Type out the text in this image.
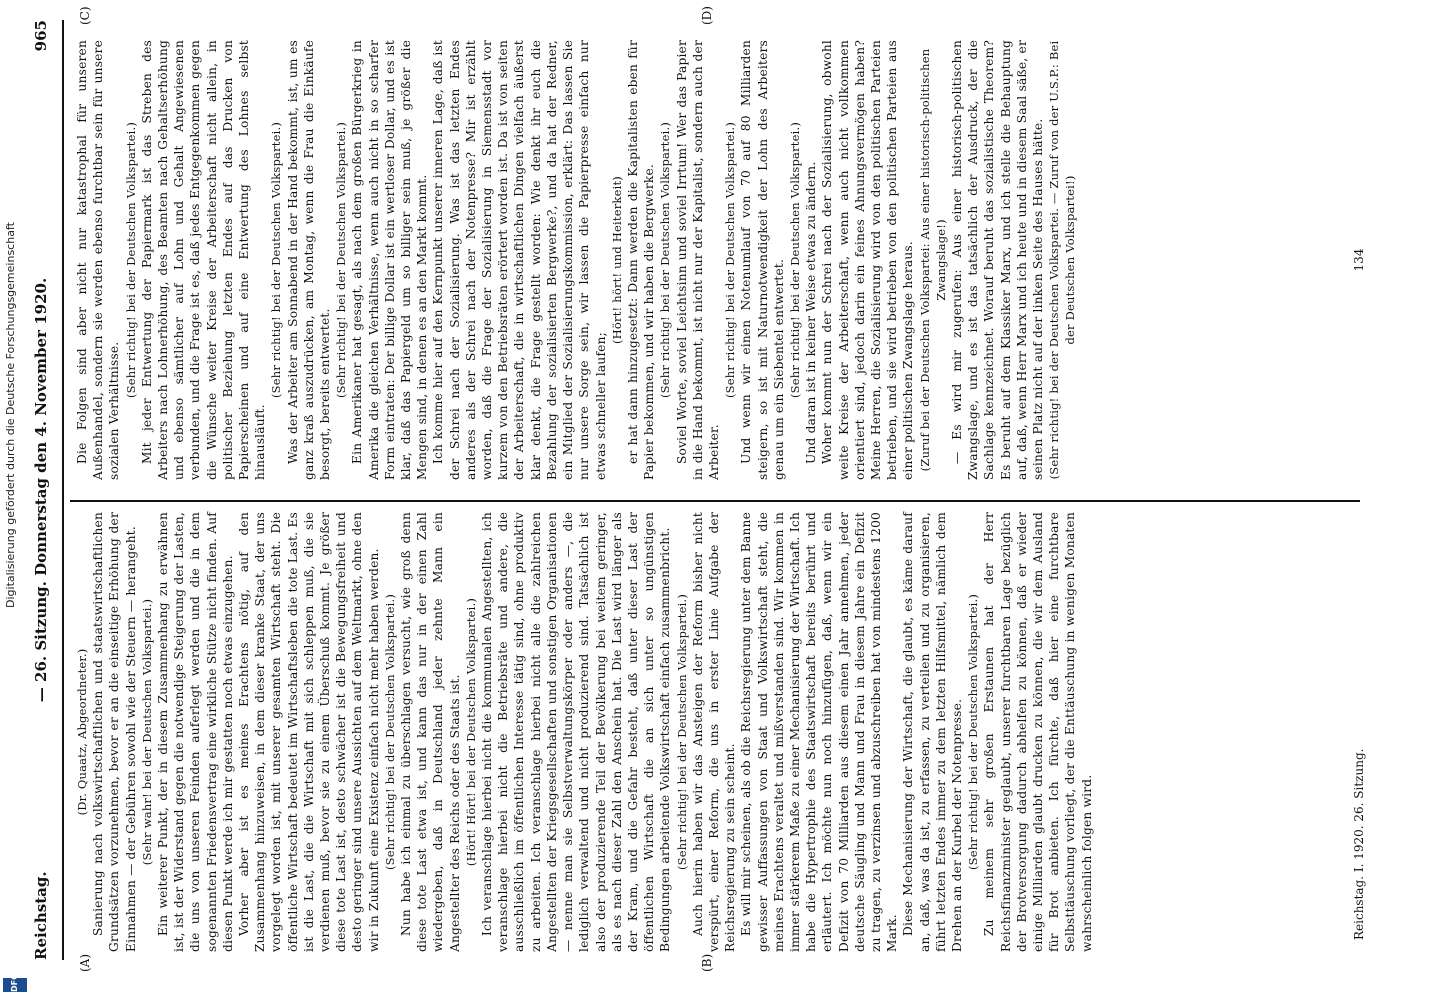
Reichstag.
— 26. Sitzung. Donnerstag den 4. November 1920.
965
(A)	(B)
(C)	(D)

(Dr. Quaatz, Abgeordneter.) Sanierung nach volkswirtschaftlichen und staatswirtschaftlichen Grundsätzen vorzunehmen, bevor er an die einseitige Erhöhung der Einnahmen — der Gebühren sowohl wie der Steuern — herangeht. (Sehr wahr! bei der Deutschen Volkspartei.) Ein weiterer Punkt, der in diesem Zusammenhang zu erwähnen ist, ist der Widerstand gegen die notwendige Steigerung der Lasten, die uns von unseren Feinden auferlegt werden und die in dem sogenannten Friedensvertrag eine wirkliche Stütze nicht finden. Auf diesen Punkt werde ich mir gestatten noch etwas einzugehen. Vorher aber ist es meines Erachtens nötig, auf den Zusammenhang hinzuweisen, in dem dieser kranke Staat, der uns vorgelegt worden ist, mit unserer gesamten Wirtschaft steht. Die öffentliche Wirtschaft bedeutet im Wirtschaftsleben die tote Last. Es ist die Last, die die Wirtschaft mit sich schleppen muß, die sie verdienen muß, bevor sie zu einem Überschuß kommt. Je größer diese tote Last ist, desto schwächer ist die Bewegungsfreiheit und desto geringer sind unsere Aussichten auf dem Weltmarkt, ohne den wir in Zukunft eine Existenz einfach nicht mehr haben werden. (Sehr richtig! bei der Deutschen Volkspartei.) Nun habe ich einmal zu überschlagen versucht, wie groß denn diese tote Last etwa ist, und kann das nur in der einen Zahl wiedergeben, daß in Deutschland jeder zehnte Mann ein Angestellter des Reichs oder des Staats ist. (Hört! Hört! bei der Deutschen Volkspartei.) Ich veranschlage hierbei nicht die kommunalen Angestellten, ich veranschlage hierbei nicht die Betriebsräte und andere, die ausschließlich im öffentlichen Interesse tätig sind, ohne produktiv zu arbeiten. Ich veranschlage hierbei nicht alle die zahlreichen Angestellten der Kriegsgesellschaften und sonstigen Organisationen — nenne man sie Selbstverwaltungskörper oder anders —, die lediglich verwaltend und nicht produzierend sind. Tatsächlich ist also der produzierende Teil der Bevölkerung bei weitem geringer, als es nach dieser Zahl den Anschein hat. Die Last wird länger als der Kram, und die Gefahr besteht, daß unter dieser Last der öffentlichen Wirtschaft die an sich unter so ungünstigen Bedingungen arbeitende Volkswirtschaft einfach zusammenbricht. (Sehr richtig! bei der Deutschen Volkspartei.) Auch hierin haben wir das Ansteigen der Reform bisher nicht verspürt, einer Reform, die uns in erster Linie Aufgabe der Reichsregierung zu sein scheint. Es will mir scheinen, als ob die Reichsregierung unter dem Banne gewisser Auffassungen von Staat und Volkswirtschaft steht, die meines Erachtens veraltet und mißverstanden sind. Wir kommen in immer stärkerem Maße zu einer Mechanisierung der Wirtschaft. Ich habe die Hypertrophie des Staatswirtschaft bereits berührt und erläutert. Ich möchte nun noch hinzufügen, daß, wenn wir ein Defizit von 70 Milliarden aus diesem einen Jahr annehmen, jeder deutsche Säugling und Mann und Frau in diesem Jahre ein Defizit zu tragen, zu verzinsen und abzuschreiben hat von mindestens 1200 Mark. Diese Mechanisierung der Wirtschaft, die glaubt, es käme darauf an, daß, was da ist, zu erfassen, zu verteilen und zu organisieren, führt letzten Endes immer zu dem letzten Hilfsmittel, nämlich dem Drehen an der Kurbel der Notenpresse. (Sehr richtig! bei der Deutschen Volkspartei.) Zu meinem sehr großen Erstaunen hat der Herr Reichsfinanzminister geglaubt, unserer furchtbaren Lage bezüglich der Brotversorgung dadurch abhelfen zu können, daß er wieder einige Milliarden glaubt drucken zu können, die wir dem Ausland für Brot anbieten. Ich fürchte, daß hier eine furchtbare Selbsttäuschung vorliegt, der die Enttäuschung in wenigen Monaten wahrscheinlich folgen wird.

Die Folgen sind aber nicht nur katastrophal für unseren Außenhandel, sondern sie werden ebenso furchtbar sein für unsere sozialen Verhältnisse.

(Sehr richtig! bei der Deutschen Volkspartei.) Mit jeder Entwertung der Papiermark ist das Streben des Arbeiters nach Lohnerhöhung, des Beamten nach Gehaltserhöhung und ebenso sämtlicher auf Lohn und Gehalt Angewiesenen verbunden, und die Frage ist es, daß jedes Entgegenkommen gegen die Wünsche weiter Kreise der Arbeiterschaft nicht allein, in politischer Beziehung letzten Endes auf das Drucken von Papierscheinen und auf eine Entwertung des Lohnes selbst hinausläuft.

(Sehr richtig! bei der Deutschen Volkspartei.) Was der Arbeiter am Sonnabend in der Hand bekommt, ist, um es ganz kraß auszudrücken, am Montag, wenn die Frau die Einkäufe besorgt, bereits entwertet. (Sehr richtig! bei der Deutschen Volkspartei.) Ein Amerikaner hat gesagt, als nach dem großen Bürgerkrieg in Amerika die gleichen Verhältnisse, wenn auch nicht in so scharfer Form eintraten: Der billige Dollar ist ein wertloser Dollar, und es ist klar, daß das Papiergeld um so billiger sein muß, je größer die Mengen sind, in denen es an den Markt kommt. Ich komme hier auf den Kernpunkt unserer inneren Lage, daß ist der Schrei nach der Sozialisierung. Was ist das letzten Endes anderes als der Schrei nach der Notenpresse? Mir ist erzählt worden, daß die Frage der Sozialisierung in Siemensstadt vor kurzem von den Betriebsräten erörtert worden ist. Da ist von seiten der Arbeiterschaft, die in wirtschaftlichen Dingen vielfach äußerst klar denkt, die Frage gestellt worden: Wie denkt ihr euch die Bezahlung der sozialisierten Bergwerke?, und da hat der Redner, ein Mitglied der Sozialisierungskommission, erklärt: Das lassen Sie nur unsere Sorge sein, wir lassen die Papierpresse einfach nur etwas schneller laufen;

(Hört! hört! und Heiterkeit) er hat dann hinzugesetzt: Dann werden die Kapitalisten eben für Papier bekommen, und wir haben die Bergwerke. (Sehr richtig! bei der Deutschen Volkspartei.) Soviel Worte, soviel Leichtsinn und soviel Irrtum! Wer das Papier in die Hand bekommt, ist nicht nur der Kapitalist, sondern auch der Arbeiter.

(Sehr richtig! bei der Deutschen Volkspartei.) Und wenn wir einen Notenumlauf von 70 auf 80 Milliarden steigern, so ist mit Naturnotwendigkeit der Lohn des Arbeiters genau um ein Siebentel entwertet. (Sehr richtig! bei der Deutschen Volkspartei.) Und daran ist in keiner Weise etwas zu ändern. Woher kommt nun der Schrei nach der Sozialisierung, obwohl weite Kreise der Arbeiterschaft, wenn auch nicht vollkommen orientiert sind, jedoch darin ein feines Ahnungsvermögen haben? Meine Herren, die Sozialisierung wird von den politischen Parteien betrieben, und sie wird betrieben von den politischen Parteien aus einer politischen Zwangslage heraus. (Zuruf bei der Deutschen Volkspartei: Aus einer historisch-politischen Zwangslage!) — Es wird mir zugerufen: Aus einer historisch-politischen Zwangslage, und es ist das tatsächlich der Ausdruck, der die Sachlage kennzeichnet. Worauf beruht das sozialistische Theorem? Es beruht auf dem Klassiker Marx, und ich stelle die Behauptung auf, daß, wenn Herr Marx und ich heute und in diesem Saal säße, er seinen Platz nicht auf der linken Seite des Hauses hätte. (Sehr richtig! bei der Deutschen Volkspartei. — Zuruf von der U.S.P.: Bei der Deutschen Volkspartei!)

Reichstag. I. 1920. 26. Sitzung.
134
Digitalisierung gefördert durch die Deutsche Forschungsgemeinschaft
DFG
